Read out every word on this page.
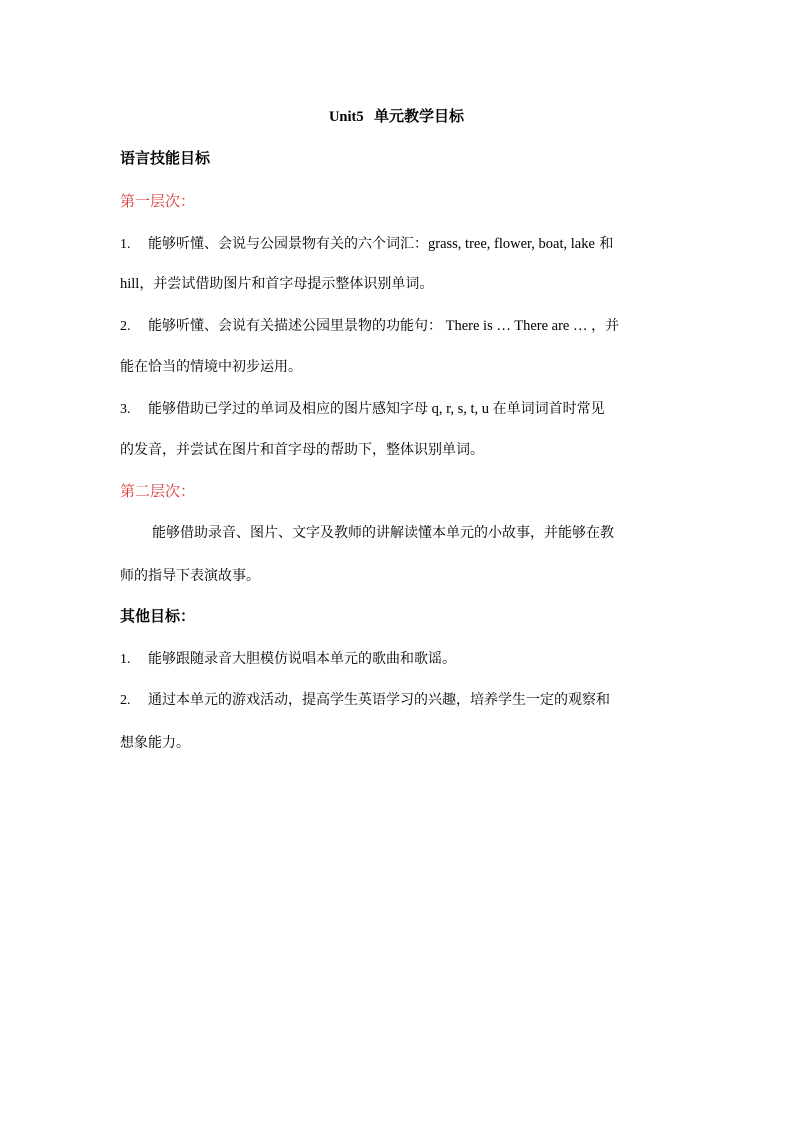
Unit5 单元教学目标
语言技能目标
第一层次：
1. 能够听懂、会说与公园景物有关的六个词汇：grass, tree, flower, boat, lake 和
hill，并尝试借助图片和首字母提示整体识别单词。
2. 能够听懂、会说有关描述公园里景物的功能句： There is … There are … ，并
能在恰当的情境中初步运用。
3. 能够借助已学过的单词及相应的图片感知字母 q, r, s, t, u 在单词词首时常见
的发音，并尝试在图片和首字母的帮助下，整体识别单词。
第二层次：
能够借助录音、图片、文字及教师的讲解读懂本单元的小故事，并能够在教
师的指导下表演故事。
其他目标：
1. 能够跟随录音大胆模仿说唱本单元的歌曲和歌谣。
2. 通过本单元的游戏活动，提高学生英语学习的兴趣，培养学生一定的观察和
想象能力。
